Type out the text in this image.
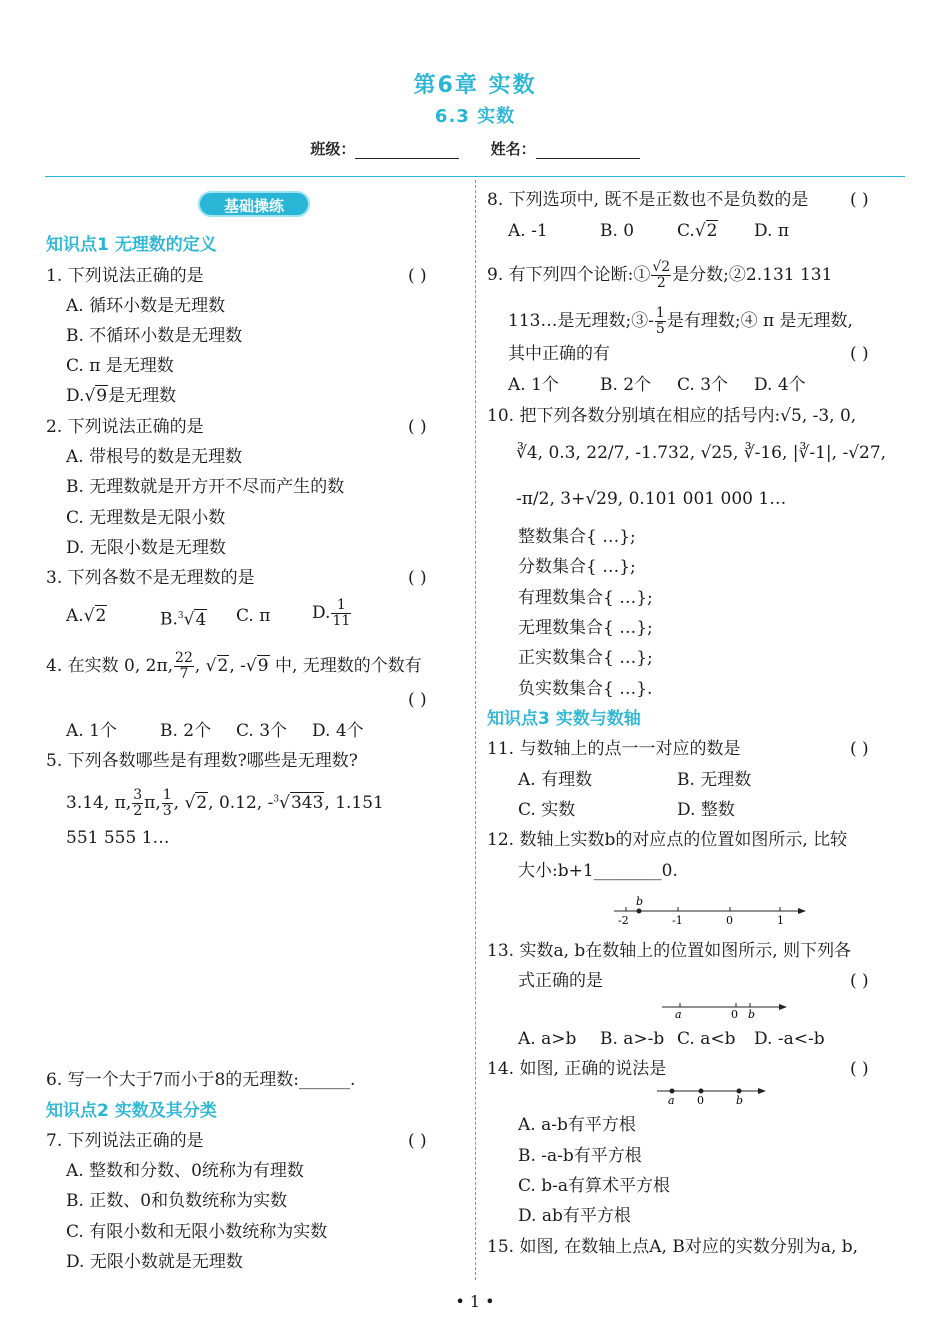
第6章 实数
6.3 实数
班级：	姓名：
基础操练
知识点1 无理数的定义
1. 下列说法正确的是	( )
A. 循环小数是无理数
B. 不循环小数是无理数
C. π 是无理数
D.√9是无理数
2. 下列说法正确的是	( )
A. 带根号的数是无理数
B. 无理数就是开方开不尽而产生的数
C. 无理数是无限小数
D. 无限小数是无理数
3. 下列各数不是无理数的是	( )
A.√2	B.$^3$√4 C. π D. $\frac{1}{11}$
4. 在实数 0, 2π, $\frac{22}{7}$ , √2, -√9 中, 无理数的个数有
( )
A. 1个	B. 2个 C. 3个 D. 4个
5. 下列各数哪些是有理数?哪些是无理数?
3.14, π, $\frac{3}{2} \pi$, $\frac{1}{3}$ , √2, 0.12, -$^3$√343, 1.151
551 555 1…
6. 写一个大于7而小于8的无理数:______.
知识点2 实数及其分类
7. 下列说法正确的是	( )
A. 整数和分数、0统称为有理数
B. 正数、0和负数统称为实数
C. 有限小数和无限小数统称为实数
D. 无限小数就是无理数
8. 下列选项中, 既不是正数也不是负数的是 ( )
A. -1	B. 0	C.√2 D. π
9. 有下列四个论断:① $\frac{√2}{2}$ 是分数;②2.131 131
113…是无理数;③- $\frac{1}{5}$ 是有理数;④ π 是无理数,
其中正确的有	( )
A. 1个 B. 2个 C. 3个 D. 4个
10. 把下列各数分别填在相应的括号内:√5, -3, 0,
∛4, 0.3, 22/7, -1.732, √25, ∛-16, |∛-1|, -√27,
-π/2, 3+√29, 0.101 001 000 1…
整数集合{ …};
分数集合{ …};
有理数集合{ …};
无理数集合{ …};
正实数集合{ …};
负实数集合{ …}.
知识点3 实数与数轴
11. 与数轴上的点一一对应的数是	( )
A. 有理数	B. 无理数
C. 实数	D. 整数
12. 数轴上实数b的对应点的位置如图所示, 比较
大小:b+1________0.
b
-2	-1	0	1
13. 实数a, b在数轴上的位置如图所示, 则下列各
式正确的是	( )
a	0 b
A. a>b B. a>-b C. a<b D. -a<-b
14. 如图, 正确的说法是	( )
a 0	b
A. a-b有平方根
B. -a-b有平方根
C. b-a有算术平方根
D. ab有平方根
15. 如图, 在数轴上点A, B对应的实数分别为a, b,
• 1 •
